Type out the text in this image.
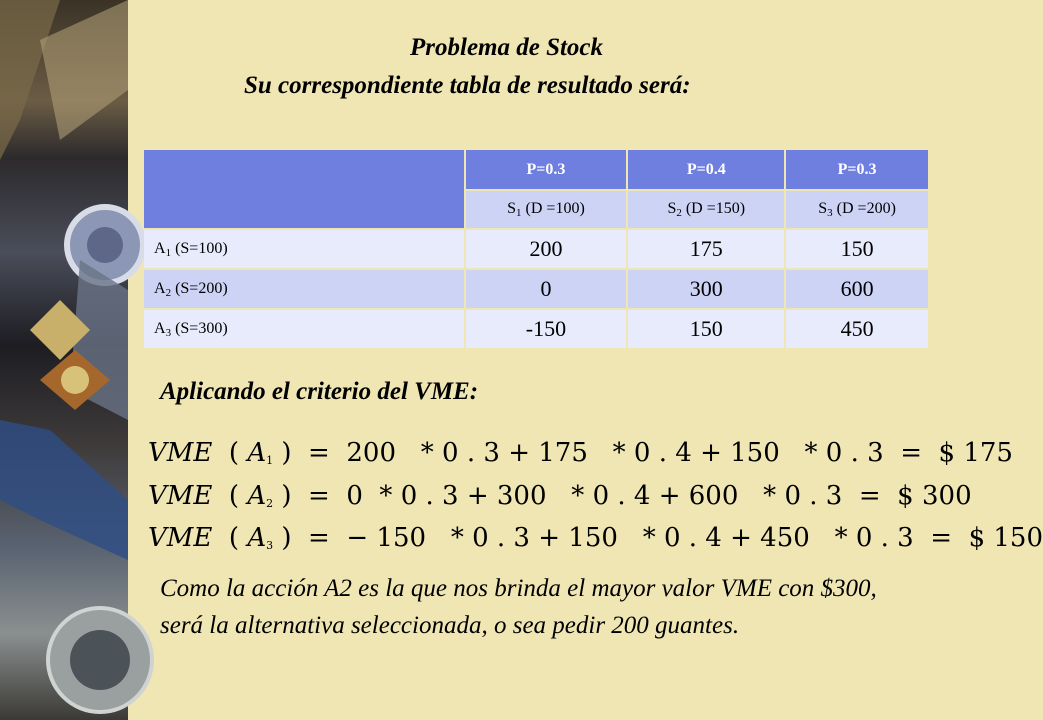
Problema de Stock
Su correspondiente tabla de resultado será:
	P=0.3	P=0.4	P=0.3
	$S_1$ (D =100)	$S_2$ (D =150)	$S_3$ (D =200)
$A_1$ (S=100)	200	175	150
$A_2$ (S=200)	0	300	600
$A_3$ (S=300)	-150	150	450
Aplicando el criterio del VME:
VME  ( $A_1$ )  =  200   * 0 . 3 + 175   * 0 . 4 + 150   * 0 . 3  =  $ 175
VME  ( $A_2$ )  =  0  * 0 . 3 + 300   * 0 . 4 + 600   * 0 . 3  =  $ 300
VME  ( $A_3$ )  =  − 150   * 0 . 3 + 150   * 0 . 4 + 450   * 0 . 3  =  $ 150
Como la acción A2 es la que nos brinda el mayor valor VME con $300, será la alternativa seleccionada, o sea pedir 200 guantes.
